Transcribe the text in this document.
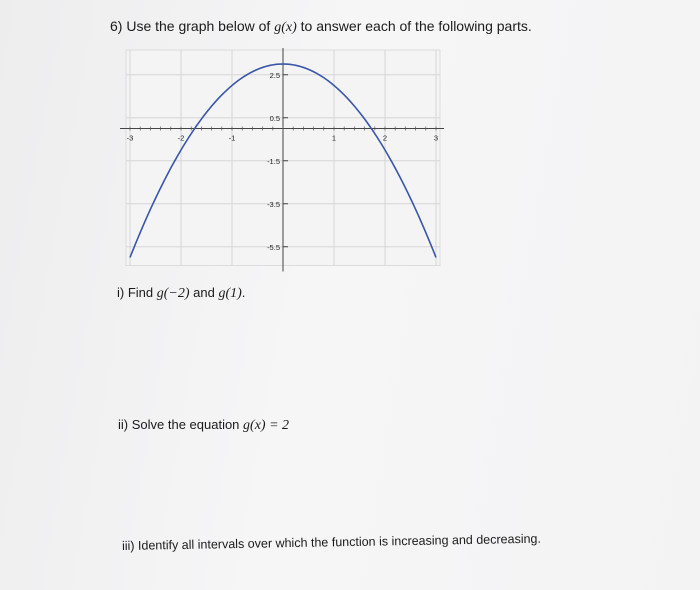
6) Use the graph below of g(x) to answer each of the following parts.
-3	-2	-1	1	2	3
2.5
0.5
-1.5
-3.5
-5.5
i) Find g(−2) and g(1).
ii) Solve the equation g(x) = 2
iii) Identify all intervals over which the function is increasing and decreasing.
